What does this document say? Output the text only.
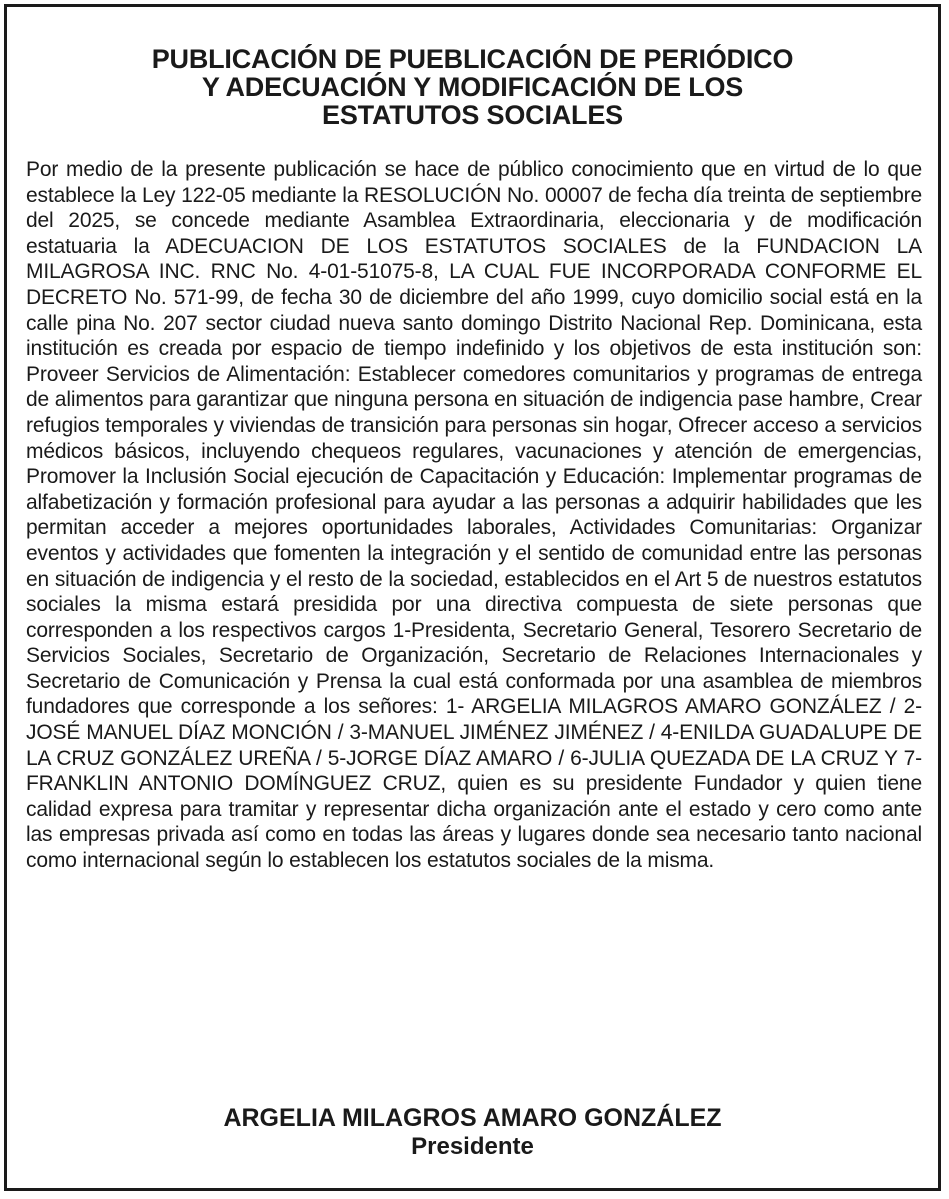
PUBLICACIÓN DE PUEBLICACIÓN DE PERIÓDICO
Y ADECUACIÓN Y MODIFICACIÓN DE LOS
ESTATUTOS SOCIALES

Por medio de la presente publicación se hace de público conocimiento que en virtud de lo que establece la Ley 122-05 mediante la RESOLUCIÓN No. 00007 de fecha día treinta de septiembre del 2025, se concede mediante Asamblea Extraordinaria, eleccionaria y de modificación estatuaria la ADECUACION DE LOS ESTATUTOS SOCIALES de la FUNDACION LA MILAGROSA INC. RNC No. 4-01-51075-8, LA CUAL FUE INCORPORADA CONFORME EL DECRETO No. 571-99, de fecha 30 de diciembre del año 1999, cuyo domicilio social está en la calle pina No. 207 sector ciudad nueva santo domingo Distrito Nacional Rep. Dominicana, esta institución es creada por espacio de tiempo indefinido y los objetivos de esta institución son: Proveer Servicios de Alimentación: Establecer comedores comunitarios y programas de entrega de alimentos para garantizar que ninguna persona en situación de indigencia pase hambre, Crear refugios temporales y viviendas de transición para personas sin hogar, Ofrecer acceso a servicios médicos básicos, incluyendo chequeos regulares, vacunaciones y atención de emergencias, Promover la Inclusión Social ejecución de Capacitación y Educación: Implementar programas de alfabetización y formación profesional para ayudar a las personas a adquirir habilidades que les permitan acceder a mejores oportunidades laborales, Actividades Comunitarias: Organizar eventos y actividades que fomenten la integración y el sentido de comunidad entre las personas en situación de indigencia y el resto de la sociedad, establecidos en el Art 5 de nuestros estatutos sociales la misma estará presidida por una directiva compuesta de siete personas que corresponden a los respectivos cargos 1-Presidenta, Secretario General, Tesorero Secretario de Servicios Sociales, Secretario de Organización, Secretario de Relaciones Internacionales y Secretario de Comunicación y Prensa la cual está conformada por una asamblea de miembros fundadores que corresponde a los señores: 1- ARGELIA MILAGROS AMARO GONZÁLEZ / 2-JOSÉ MANUEL DÍAZ MONCIÓN / 3-MANUEL JIMÉNEZ JIMÉNEZ / 4-ENILDA GUADALUPE DE LA CRUZ GONZÁLEZ UREÑA / 5-JORGE DÍAZ AMARO / 6-JULIA QUEZADA DE LA CRUZ Y 7-FRANKLIN ANTONIO DOMÍNGUEZ CRUZ, quien es su presidente Fundador y quien tiene calidad expresa para tramitar y representar dicha organización ante el estado y cero como ante las empresas privada así como en todas las áreas y lugares donde sea necesario tanto nacional como internacional según lo establecen los estatutos sociales de la misma.

ARGELIA MILAGROS AMARO GONZÁLEZ
Presidente
